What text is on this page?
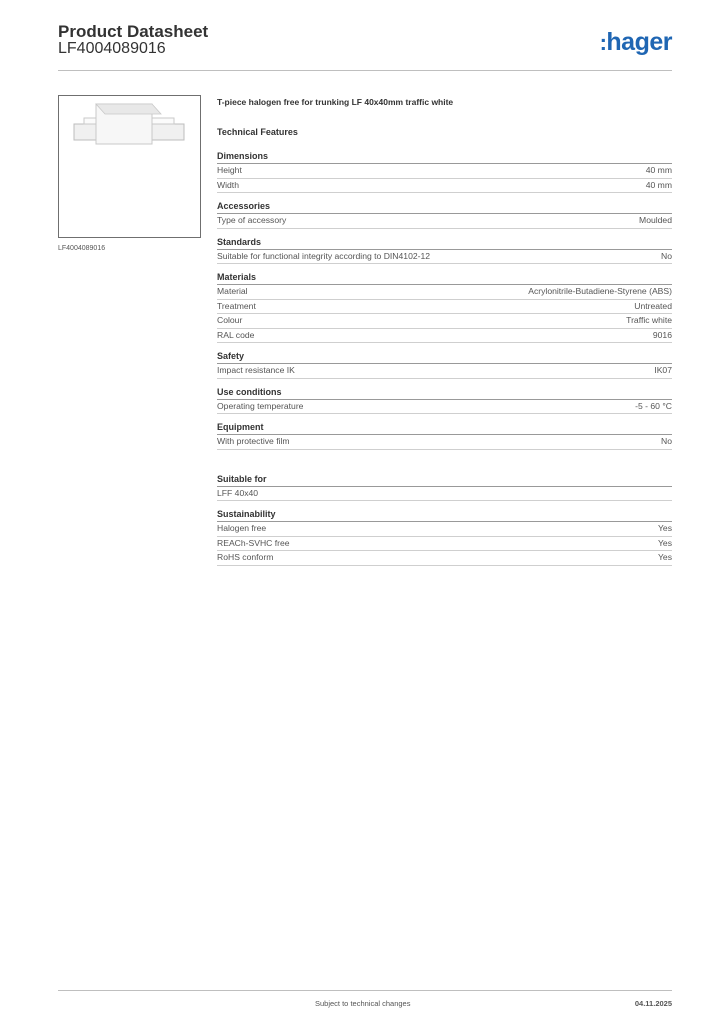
Product Datasheet
LF4004089016	:hager
LF4004089016
T-piece halogen free for trunking LF 40x40mm traffic white
Technical Features
Dimensions
Height	40 mm
Width	40 mm
Accessories
Type of accessory	Moulded
Standards
Suitable for functional integrity according to DIN4102-12	No
Materials
Material	Acrylonitrile-Butadiene-Styrene (ABS)
Treatment	Untreated
Colour	Traffic white
RAL code	9016
Safety
Impact resistance IK	IK07
Use conditions
Operating temperature	-5 - 60 °C
Equipment
With protective film	No
Suitable for
LFF 40x40
Sustainability
Halogen free	Yes
REACh-SVHC free	Yes
RoHS conform	Yes
Subject to technical changes	04.11.2025
